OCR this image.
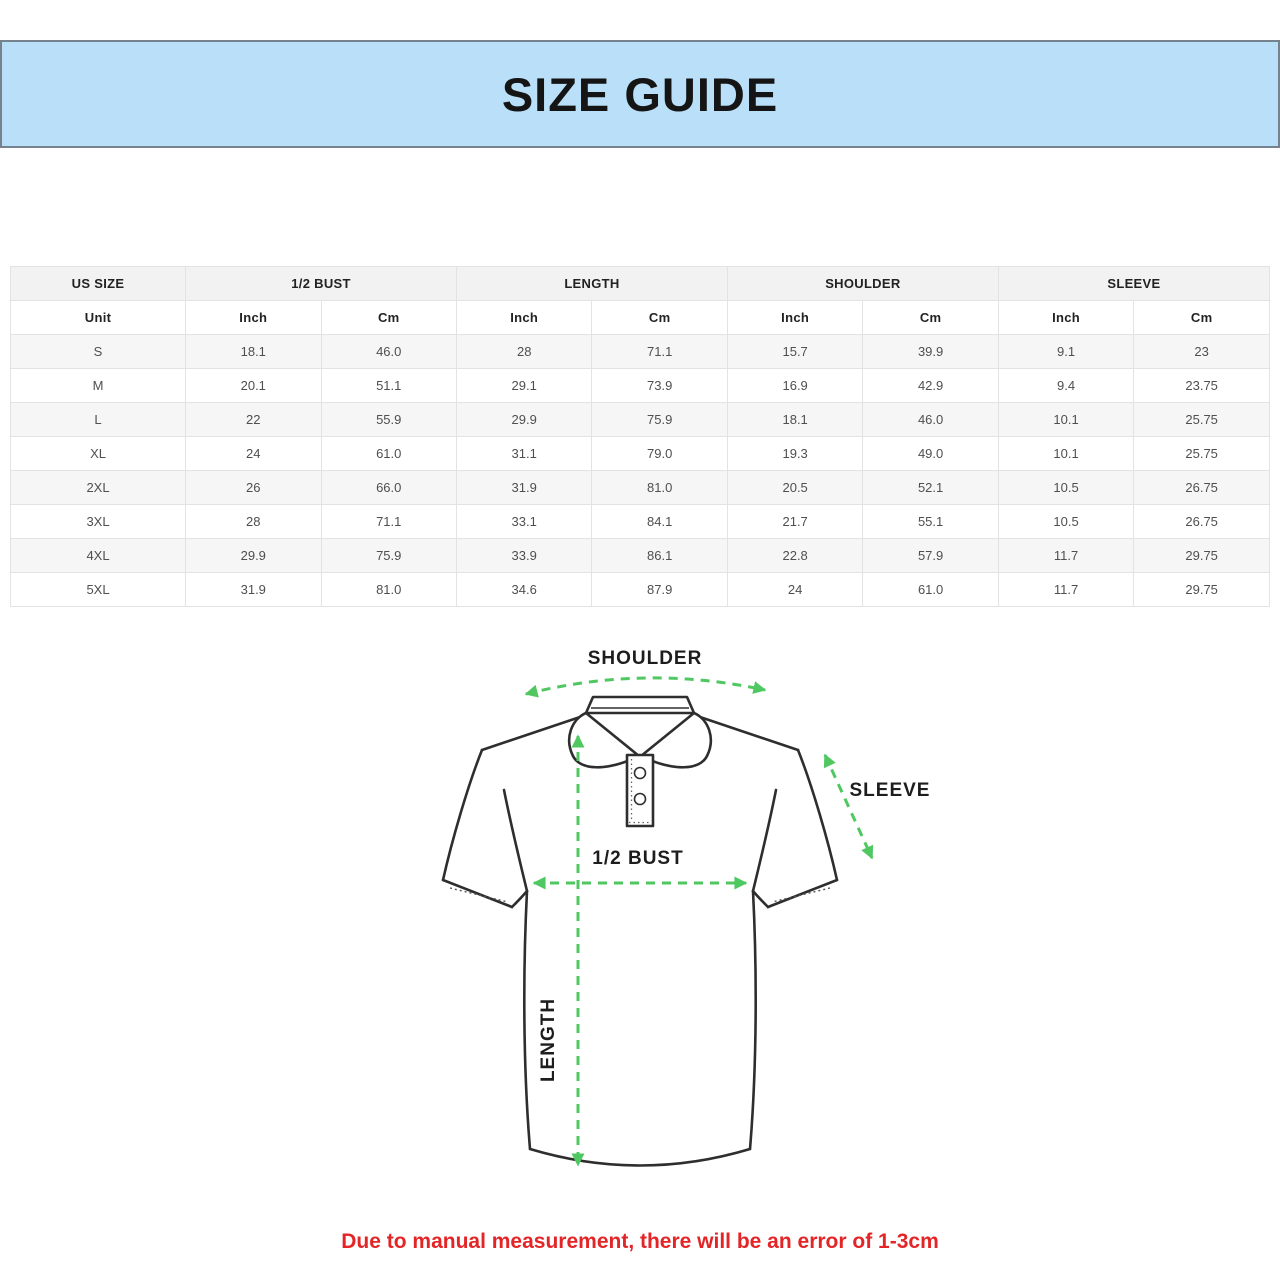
SIZE GUIDE
US SIZE	1/2 BUST		LENGTH		SHOULDER		SLEEVE	
Unit	Inch	Cm	Inch	Cm	Inch	Cm	Inch	Cm
S	18.1	46.0	28	71.1	15.7	39.9	9.1	23
M	20.1	51.1	29.1	73.9	16.9	42.9	9.4	23.75
L	22	55.9	29.9	75.9	18.1	46.0	10.1	25.75
XL	24	61.0	31.1	79.0	19.3	49.0	10.1	25.75
2XL	26	66.0	31.9	81.0	20.5	52.1	10.5	26.75
3XL	28	71.1	33.1	84.1	21.7	55.1	10.5	26.75
4XL	29.9	75.9	33.9	86.1	22.8	57.9	11.7	29.75
5XL	31.9	81.0	34.6	87.9	24	61.0	11.7	29.75
SHOULDER
SLEEVE
1/2 BUST
LENGTH

Due to manual measurement, there will be an error of 1-3cm
